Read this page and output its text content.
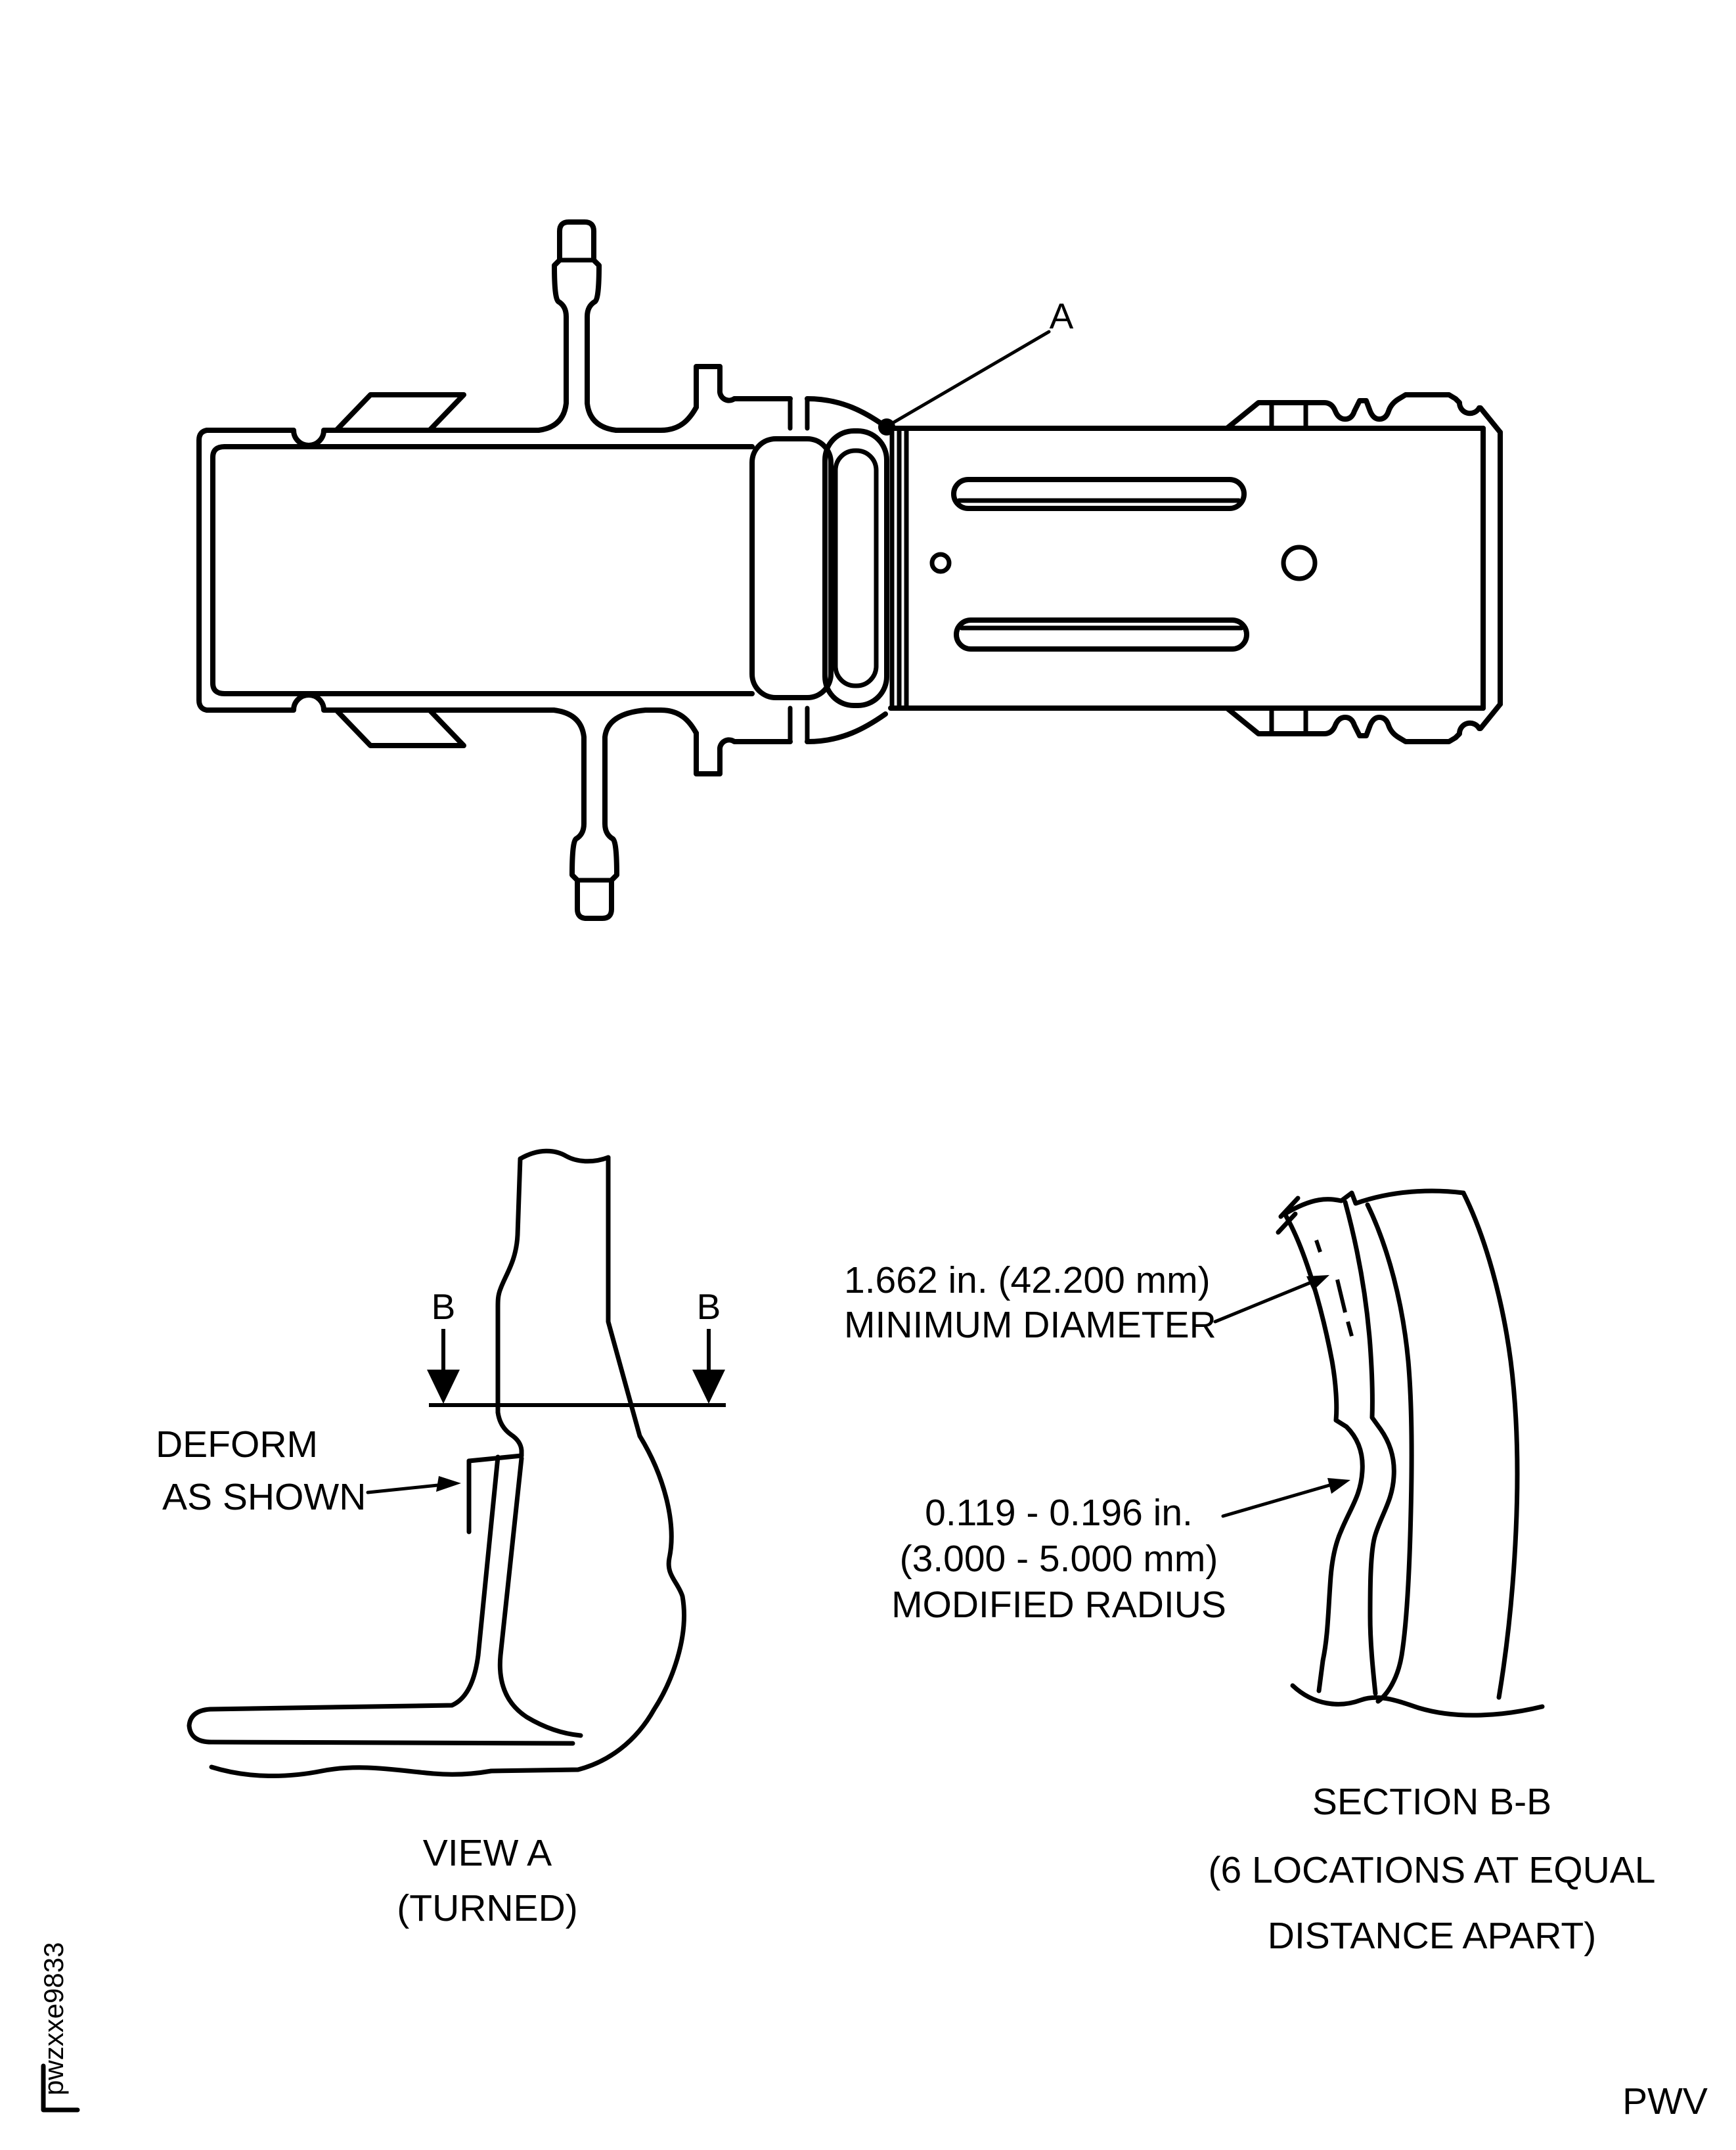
A
B	B
DEFORM
AS SHOWN
VIEW A
(TURNED)
1.662 in. (42.200 mm)
MINIMUM DIAMETER
0.119 - 0.196 in.
(3.000 - 5.000 mm)
MODIFIED RADIUS
SECTION B-B
(6 LOCATIONS AT EQUAL
DISTANCE APART)
pwzxxe9833
PWV
